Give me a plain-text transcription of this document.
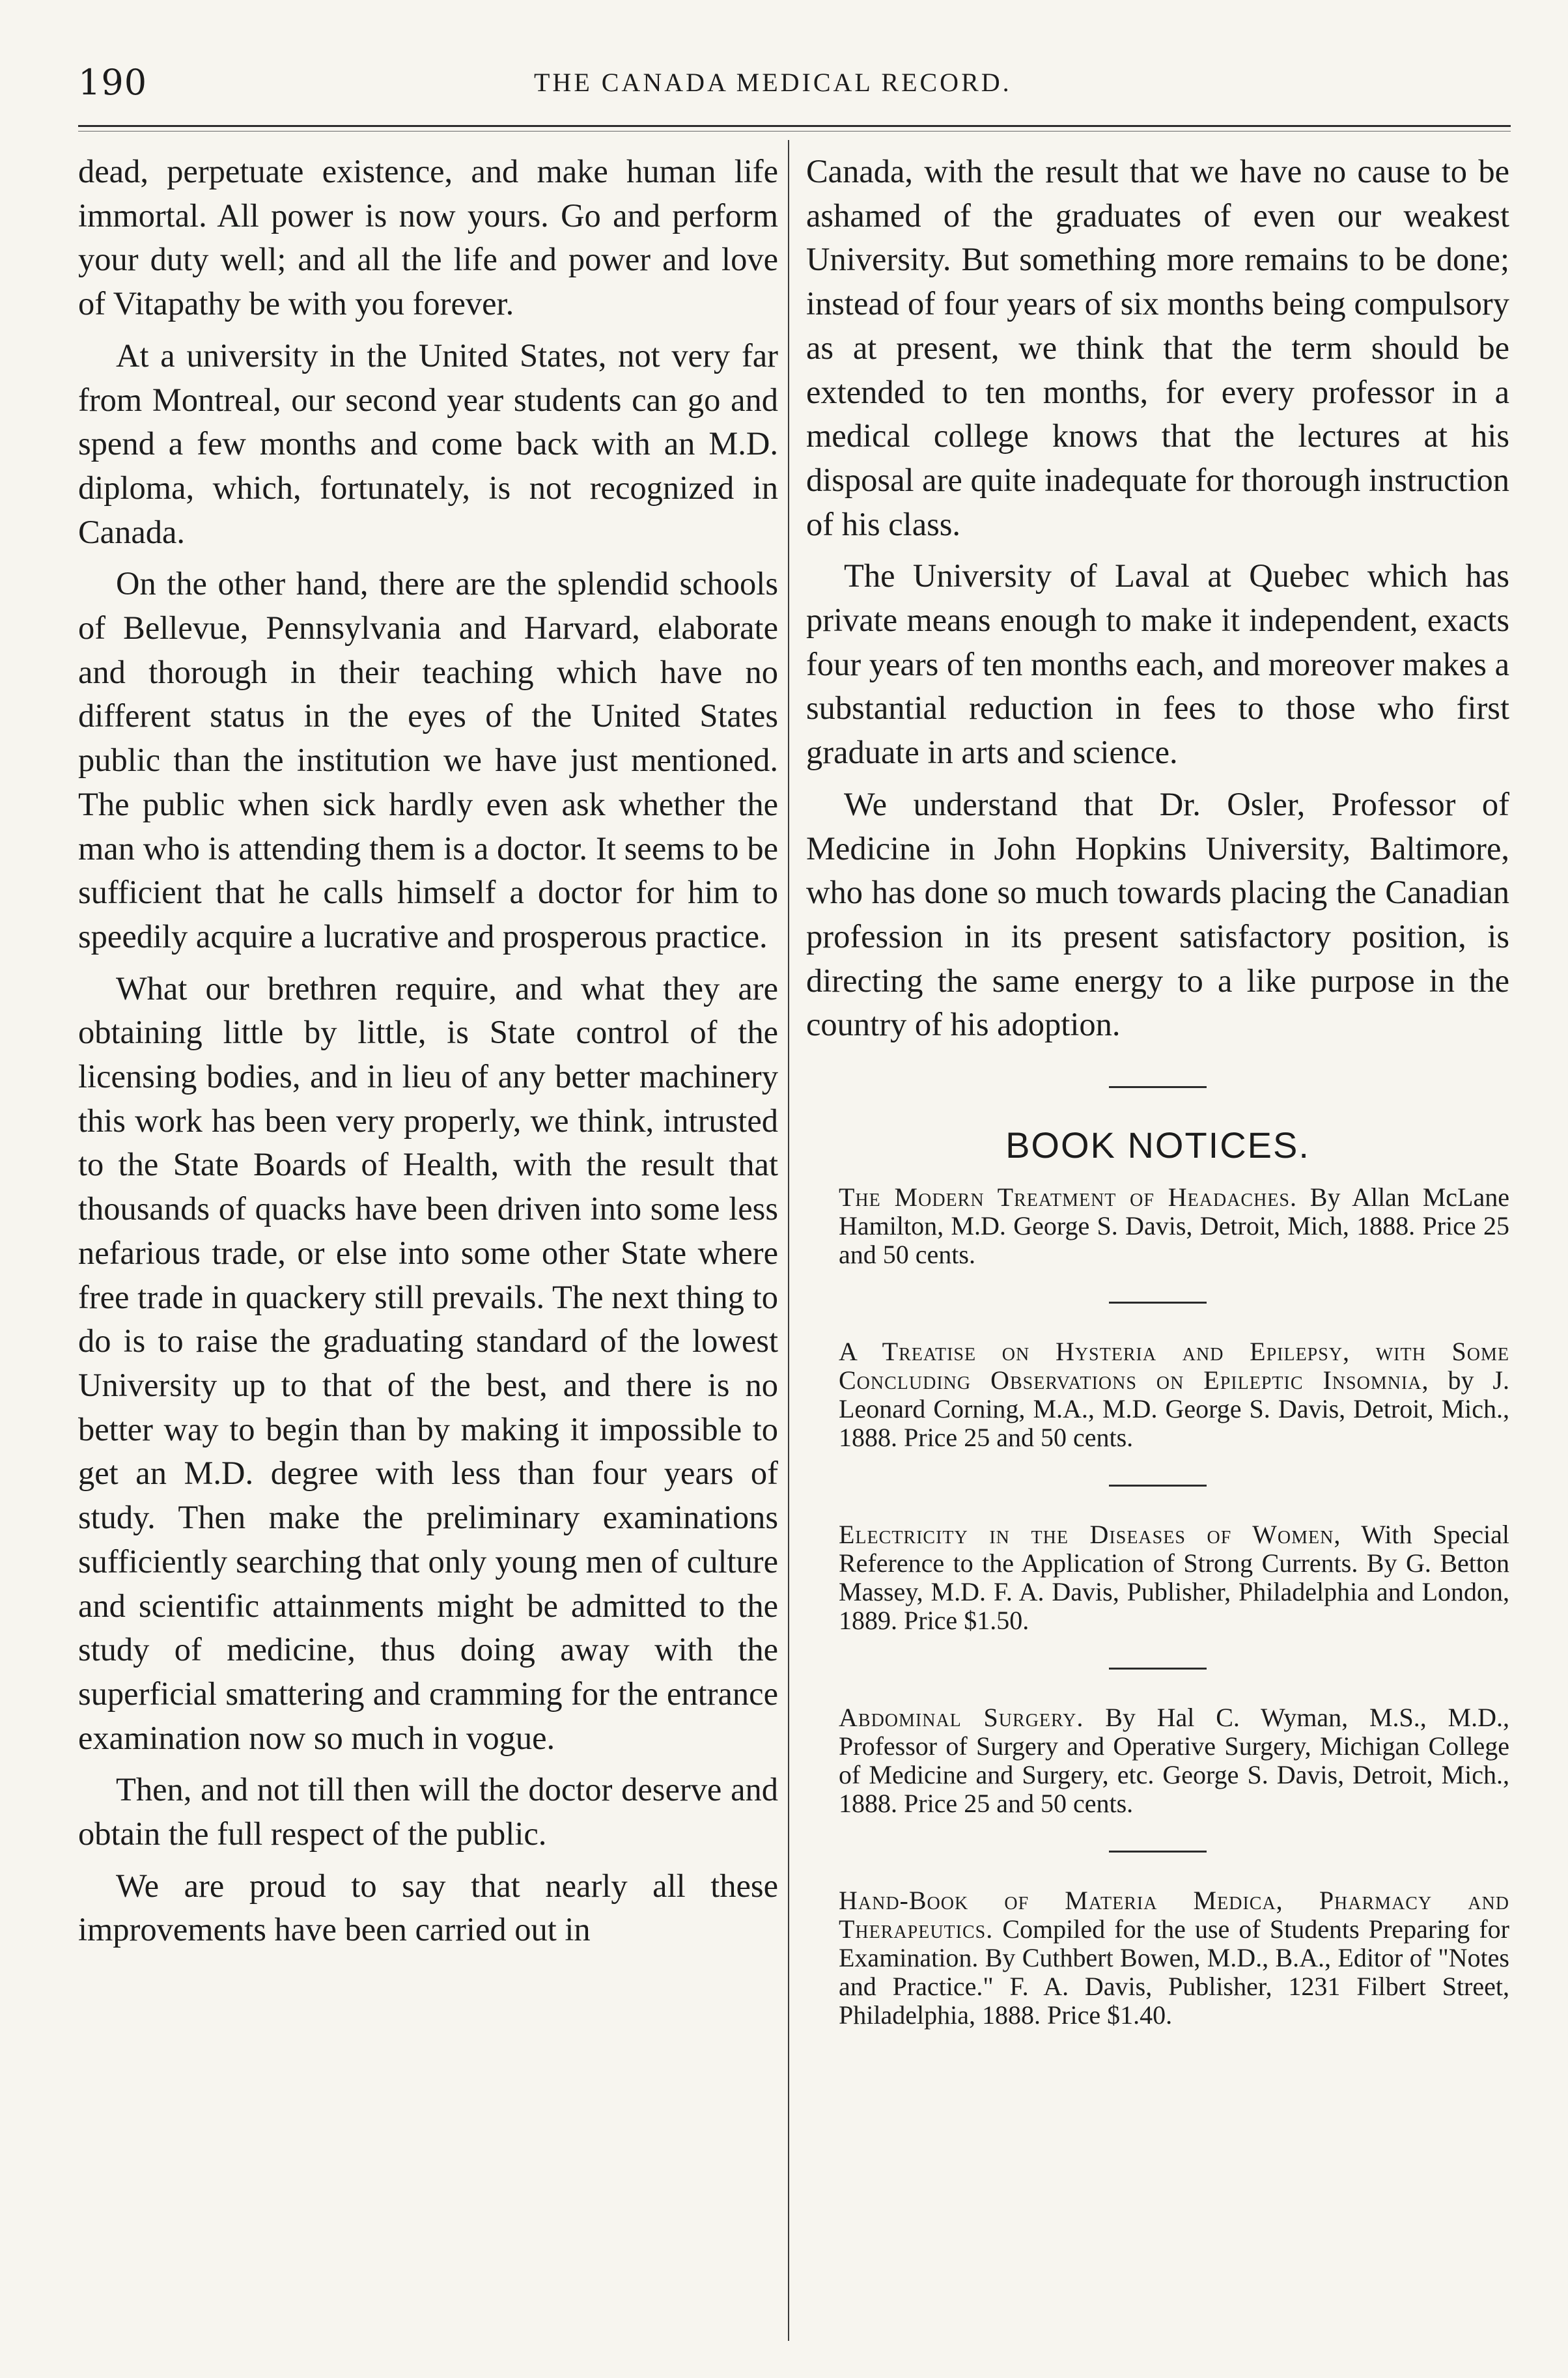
190	THE CANADA MEDICAL RECORD.

dead, perpetuate existence, and make human life immortal. All power is now yours. Go and perform your duty well; and all the life and power and love of Vitapathy be with you forever.

At a university in the United States, not very far from Montreal, our second year students can go and spend a few months and come back with an M.D. diploma, which, fortunately, is not recognized in Canada.

On the other hand, there are the splendid schools of Bellevue, Pennsylvania and Harvard, elaborate and thorough in their teaching which have no different status in the eyes of the United States public than the institution we have just mentioned. The public when sick hardly even ask whether the man who is attending them is a doctor. It seems to be sufficient that he calls himself a doctor for him to speedily acquire a lucrative and prosperous practice.

What our brethren require, and what they are obtaining little by little, is State control of the licensing bodies, and in lieu of any better machinery this work has been very properly, we think, intrusted to the State Boards of Health, with the result that thousands of quacks have been driven into some less nefarious trade, or else into some other State where free trade in quackery still prevails. The next thing to do is to raise the graduating standard of the lowest University up to that of the best, and there is no better way to begin than by making it impossible to get an M.D. degree with less than four years of study. Then make the preliminary examinations sufficiently searching that only young men of culture and scientific attainments might be admitted to the study of medicine, thus doing away with the superficial smattering and cramming for the entrance examination now so much in vogue.

Then, and not till then will the doctor deserve and obtain the full respect of the public.

We are proud to say that nearly all these improvements have been carried out in

Canada, with the result that we have no cause to be ashamed of the graduates of even our weakest University. But something more remains to be done; instead of four years of six months being compulsory as at present, we think that the term should be extended to ten months, for every professor in a medical college knows that the lectures at his disposal are quite inadequate for thorough instruction of his class.

The University of Laval at Quebec which has private means enough to make it independent, exacts four years of ten months each, and moreover makes a substantial reduction in fees to those who first graduate in arts and science.

We understand that Dr. Osler, Professor of Medicine in John Hopkins University, Baltimore, who has done so much towards placing the Canadian profession in its present satisfactory position, is directing the same energy to a like purpose in the country of his adoption.

BOOK NOTICES.

The Modern Treatment of Headaches. By Allan McLane Hamilton, M.D. George S. Davis, Detroit, Mich, 1888. Price 25 and 50 cents.

A Treatise on Hysteria and Epilepsy, with Some Concluding Observations on Epileptic Insomnia, by J. Leonard Corning, M.A., M.D. George S. Davis, Detroit, Mich., 1888. Price 25 and 50 cents.

Electricity in the Diseases of Women, With Special Reference to the Application of Strong Currents. By G. Betton Massey, M.D. F. A. Davis, Publisher, Philadelphia and London, 1889. Price $1.50.

Abdominal Surgery. By Hal C. Wyman, M.S., M.D., Professor of Surgery and Operative Surgery, Michigan College of Medicine and Surgery, etc. George S. Davis, Detroit, Mich., 1888. Price 25 and 50 cents.

Hand-Book of Materia Medica, Pharmacy and Therapeutics. Compiled for the use of Students Preparing for Examination. By Cuthbert Bowen, M.D., B.A., Editor of "Notes and Practice." F. A. Davis, Publisher, 1231 Filbert Street, Philadelphia, 1888. Price $1.40.
